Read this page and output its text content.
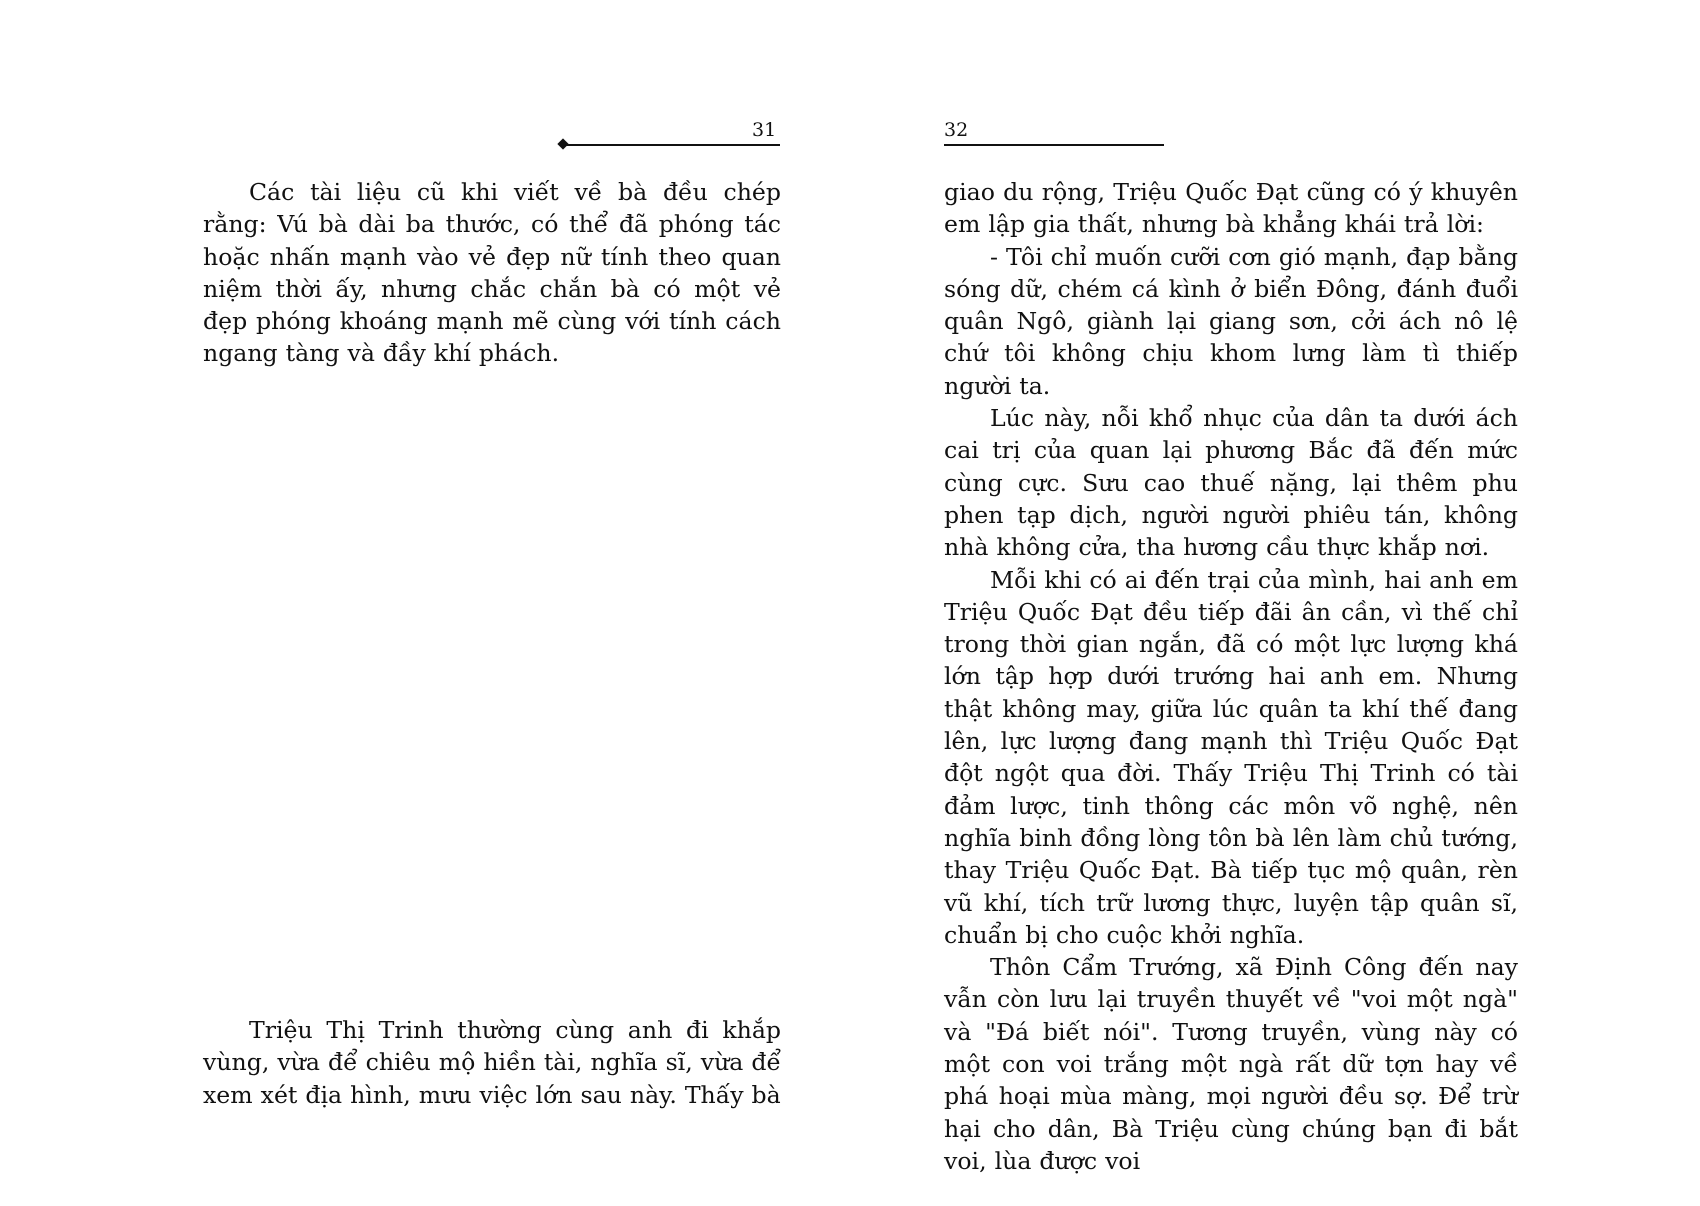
31

Các tài liệu cũ khi viết về bà đều chép rằng: Vú bà dài ba thước, có thể đã phóng tác hoặc nhấn mạnh vào vẻ đẹp nữ tính theo quan niệm thời ấy, nhưng chắc chắn bà có một vẻ đẹp phóng khoáng mạnh mẽ cùng với tính cách ngang tàng và đầy khí phách.

Triệu Thị Trinh thường cùng anh đi khắp vùng, vừa để chiêu mộ hiền tài, nghĩa sĩ, vừa để xem xét địa hình, mưu việc lớn sau này. Thấy bà

32

giao du rộng, Triệu Quốc Đạt cũng có ý khuyên em lập gia thất, nhưng bà khẳng khái trả lời:

- Tôi chỉ muốn cưỡi cơn gió mạnh, đạp bằng sóng dữ, chém cá kình ở biển Đông, đánh đuổi quân Ngô, giành lại giang sơn, cởi ách nô lệ chứ tôi không chịu khom lưng làm tì thiếp người ta.

Lúc này, nỗi khổ nhục của dân ta dưới ách cai trị của quan lại phương Bắc đã đến mức cùng cực. Sưu cao thuế nặng, lại thêm phu phen tạp dịch, người người phiêu tán, không nhà không cửa, tha hương cầu thực khắp nơi.

Mỗi khi có ai đến trại của mình, hai anh em Triệu Quốc Đạt đều tiếp đãi ân cần, vì thế chỉ trong thời gian ngắn, đã có một lực lượng khá lớn tập hợp dưới trướng hai anh em. Nhưng thật không may, giữa lúc quân ta khí thế đang lên, lực lượng đang mạnh thì Triệu Quốc Đạt đột ngột qua đời. Thấy Triệu Thị Trinh có tài đảm lược, tinh thông các môn võ nghệ, nên nghĩa binh đồng lòng tôn bà lên làm chủ tướng, thay Triệu Quốc Đạt. Bà tiếp tục mộ quân, rèn vũ khí, tích trữ lương thực, luyện tập quân sĩ, chuẩn bị cho cuộc khởi nghĩa.

Thôn Cẩm Trướng, xã Định Công đến nay vẫn còn lưu lại truyền thuyết về "voi một ngà" và "Đá biết nói". Tương truyền, vùng này có một con voi trắng một ngà rất dữ tợn hay về phá hoại mùa màng, mọi người đều sợ. Để trừ hại cho dân, Bà Triệu cùng chúng bạn đi bắt voi, lùa được voi
